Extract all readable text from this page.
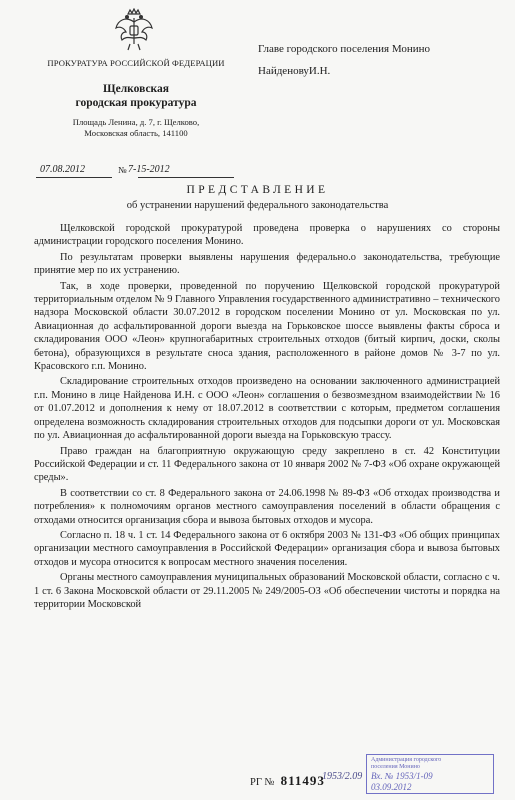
ПРОКУРАТУРА РОССИЙСКОЙ ФЕДЕРАЦИИ
Щелковская
городская прокуратура
Площадь Ленина, д. 7, г. Щелково,
Московская область, 141100
Главе городского поселения Монино
НайденовуИ.Н.
07.08.2012	№ 7-15-2012
ПРЕДСТАВЛЕНИЕ
об устранении нарушений федерального законодательства

Щелковской городской прокуратурой проведена проверка о нарушениях со стороны администрации городского поселения Монино.

По результатам проверки выявлены нарушения федерально.о законодательства, требующие принятие мер по их устранению.

Так, в ходе проверки, проведенной по поручению Щелковской городской прокуратурой территориальным отделом № 9 Главного Управления государственного административно – технического надзора Московской области 30.07.2012 в городском поселении Монино от ул. Московская по ул. Авиационная до асфальтированной дороги выезда на Горьковское шоссе выявлены факты сброса и складирования ООО «Леон» крупногабаритных строительных отходов (битый кирпич, доски, сколы бетона), образующихся в результате сноса здания, расположенного в районе домов № 3-7 по ул. Красовского г.п. Монино.

Складирование строительных отходов произведено на основании заключенного администрацией г.п. Монино в лице Найденова И.Н. с ООО «Леон» соглашения о безвозмездном взаимодействии № 16 от 01.07.2012 и дополнения к нему от 18.07.2012 в соответствии с которым, предметом соглашения определена возможность складирования строительных отходов для подсыпки дороги от ул. Московская по ул. Авиационная до асфальтированной дороги выезда на Горьковскую трассу.

Право граждан на благоприятную окружающую среду закреплено в ст. 42 Конституции Российской Федерации и ст. 11 Федерального закона от 10 января 2002 № 7-ФЗ «Об охране окружающей среды».

В соответствии со ст. 8 Федерального закона от 24.06.1998 № 89-ФЗ «Об отходах производства и потребления» к полномочиям органов местного самоуправления поселений в области обращения с отходами относится организация сбора и вывоза бытовых отходов и мусора.

Согласно п. 18 ч. 1 ст. 14 Федерального закона от 6 октября 2003 № 131-ФЗ «Об общих принципах организации местного самоуправления в Российской Федерации» организация сбора и вывоза бытовых отходов и мусора относится к вопросам местного значения поселения.

Органы местного самоуправления муниципальных образований Московской области, согласно с ч. 1 ст. 6 Закона Московской области от 29.11.2005 № 249/2005-ОЗ «Об обеспечении чистоты и порядка на территории Московской

РГ № 811493
1953/2.09
Администрация городского
поселения Монино
Вх. № 1953/1-09
03.09.2012
